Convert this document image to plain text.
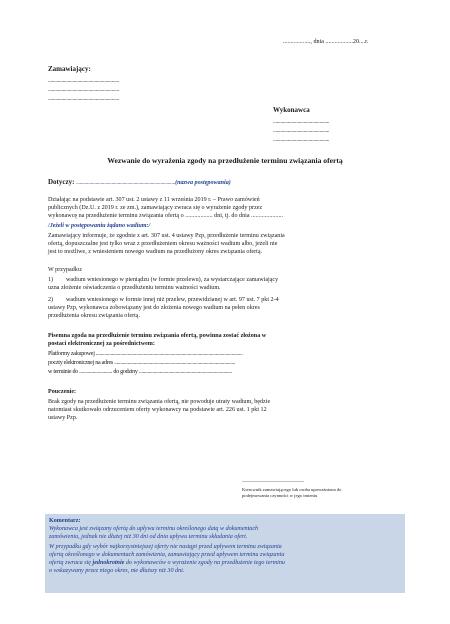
.................., dnia ..................20....r.
Zamawiający:
..........................................................
..........................................................
..........................................................
Wykonawca
..............................................
..............................................
..............................................
Wezwanie do wyrażenia zgody na przedłużenie terminu związania ofertą
Dotyczy: .................................................................................(nazwa postępowania)
Działając na podstawie art. 307 ust. 2 ustawy z 11 września 2019 r. – Prawo zamówień
publicznych (Dz.U. z 2019 r. ze zm.), zamawiający zwraca się o wyrażenie zgody przez
wykonawcę na przedłużenie terminu związania ofertą o .................. dni, tj. do dnia .....................
/Jeżeli w postępowaniu żądano wadium:/
Zamawiający informuje, że zgodnie z art. 307 ust. 4 ustawy Pzp, przedłużenie terminu związania
ofertą, dopuszczalne jest tylko wraz z przedłużeniem okresu ważności wadium albo, jeżeli nie
jest to możliwe, z wniesieniem nowego wadium na przedłużony okres związania ofertą.
W przypadku:
1) wadium wniesionego w pieniądzu (w formie przelewu), za wystarczające zamawiający
uzna złożenie oświadczenia o przedłużeniu terminu ważności wadium.
2) wadium wniesionego w formie innej niż przelew, przewidzianej w art. 97 ust. 7 pkt 2-4
ustawy Pzp, wykonawca zobowiązany jest do złożenia nowego wadium na pełen okres
przedłużenia okresu związania ofertą.
Pisemna zgoda na przedłużenie terminu związania ofertą, powinna zostać złożona w
postaci elektronicznej za pośrednictwem:
Platformy zakupowej ........................................................................................................................
poczty elektronicznej na adres ...................................................................................................
w terminie do ........................... do godziny ............................................................................
Pouczenie:
Brak zgody na przedłużenie terminu związania ofertą, nie powoduje utraty wadium, będzie
natomiast skutkowało odrzuceniem oferty wykonawcy na podstawie art. 226 ust. 1 pkt 12
ustawy Pzp.
..............................................................
Kierownik zamawiającego lub osoba upoważniona do
podejmowania czynności w jego imieniu
Komentarz:
Wykonawca jest związany ofertą do upływu terminu określonego datą w dokumentach
zamówienia, jednak nie dłużej niż 30 dni od dnia upływu terminu składania ofert.
W przypadku gdy wybór najkorzystniejszej oferty nie nastąpi przed upływem terminu związania
ofertą określonego w dokumentach zamówienia, zamawiający przed upływem terminu związania
ofertą zwraca się jednokrotnie do wykonawców o wyrażenie zgody na przedłużenie tego terminu
o wskazywany przez niego okres, nie dłuższy niż 30 dni.
